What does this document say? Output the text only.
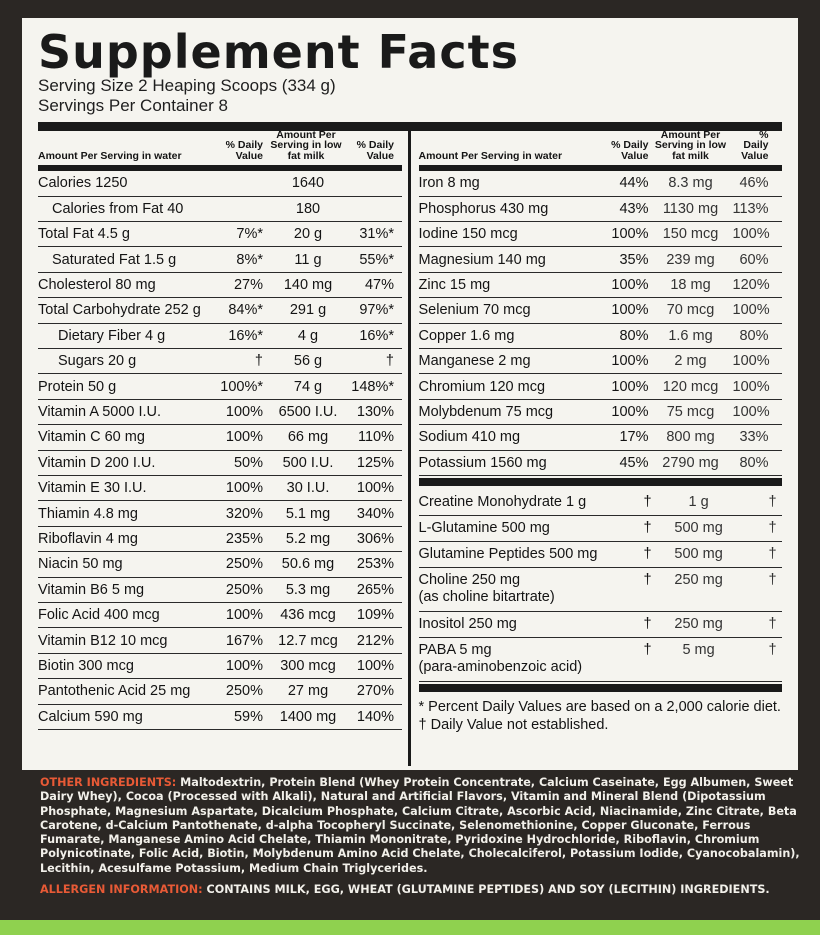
Supplement Facts
Serving Size 2 Heaping Scoops (334 g)
Servings Per Container 8
Amount Per Serving in water
% Daily Value
Amount Per Serving in low fat milk
% Daily Value
Calories 1250	1640
Calories from Fat 40	180
Total Fat 4.5 g	7%*	20 g	31%*
Saturated Fat 1.5 g	8%*	11 g	55%*
Cholesterol 80 mg	27%	140 mg	47%
Total Carbohydrate 252 g	84%*	291 g	97%*
Dietary Fiber 4 g	16%*	4 g	16%*
Sugars 20 g	†	56 g	†
Protein 50 g	100%*	74 g	148%*
Vitamin A 5000 I.U.	100%	6500 I.U.	130%
Vitamin C 60 mg	100%	66 mg	110%
Vitamin D 200 I.U.	50%	500 I.U.	125%
Vitamin E 30 I.U.	100%	30 I.U.	100%
Thiamin 4.8 mg	320%	5.1 mg	340%
Riboflavin 4 mg	235%	5.2 mg	306%
Niacin 50 mg	250%	50.6 mg	253%
Vitamin B6 5 mg	250%	5.3 mg	265%
Folic Acid 400 mcg	100%	436 mcg	109%
Vitamin B12 10 mcg	167%	12.7 mcg	212%
Biotin 300 mcg	100%	300 mcg	100%
Pantothenic Acid 25 mg	250%	27 mg	270%
Calcium 590 mg	59%	1400 mg	140%
Amount Per Serving in water
% Daily Value
Amount Per Serving in low fat milk
% Daily Value
Iron 8 mg	44%	8.3 mg	46%
Phosphorus 430 mg	43% 1130 mg 113%
Iodine 150 mcg	100% 150 mcg 100%
Magnesium 140 mg	35%	239 mg	60%
Zinc 15 mg	100%	18 mg	120%
Selenium 70 mcg	100%	70 mcg	100%
Copper 1.6 mg	80%	1.6 mg	80%
Manganese 2 mg	100%	2 mg	100%
Chromium 120 mcg	100% 120 mcg 100%
Molybdenum 75 mcg	100%	75 mcg	100%
Sodium 410 mg	17%	800 mg	33%
Potassium 1560 mg	45% 2790 mg	80%
Creatine Monohydrate 1 g	†	1 g	†
L-Glutamine 500 mg	†	500 mg	†
Glutamine Peptides 500 mg	†	500 mg	†
Choline 250 mg
(as choline bitartrate)
†	250 mg	†
Inositol 250 mg	†	250 mg	†
PABA 5 mg
(para-aminobenzoic acid)
†	5 mg	†
* Percent Daily Values are based on a 2,000 calorie diet.
† Daily Value not established.
OTHER INGREDIENTS: Maltodextrin, Protein Blend (Whey Protein Concentrate, Calcium Caseinate, Egg Albumen, Sweet Dairy Whey), Cocoa (Processed with Alkali), Natural and Artificial Flavors, Vitamin and Mineral Blend (Dipotassium Phosphate, Magnesium Aspartate, Dicalcium Phosphate, Calcium Citrate, Ascorbic Acid, Niacinamide, Zinc Citrate, Beta Carotene, d-Calcium Pantothenate, d-alpha Tocopheryl Succinate, Selenomethionine, Copper Gluconate, Ferrous Fumarate, Manganese Amino Acid Chelate, Thiamin Mononitrate, Pyridoxine Hydrochloride, Riboflavin, Chromium Polynicotinate, Folic Acid, Biotin, Molybdenum Amino Acid Chelate, Cholecalciferol, Potassium Iodide, Cyanocobalamin), Lecithin, Acesulfame Potassium, Medium Chain Triglycerides.
ALLERGEN INFORMATION: CONTAINS MILK, EGG, WHEAT (GLUTAMINE PEPTIDES) AND SOY (LECITHIN) INGREDIENTS.
